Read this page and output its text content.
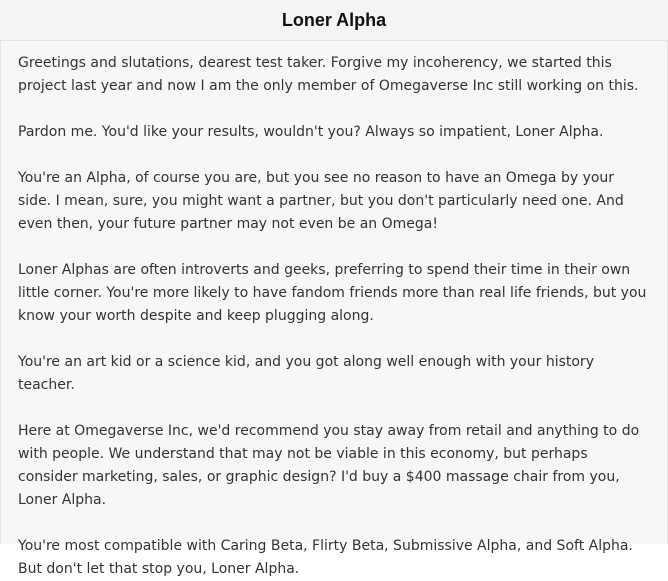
Loner Alpha

Greetings and slutations, dearest test taker. Forgive my incoherency, we started this project last year and now I am the only member of Omegaverse Inc still working on this.

Pardon me. You'd like your results, wouldn't you? Always so impatient, Loner Alpha.

You're an Alpha, of course you are, but you see no reason to have an Omega by your side. I mean, sure, you might want a partner, but you don't particularly need one. And even then, your future partner may not even be an Omega!

Loner Alphas are often introverts and geeks, preferring to spend their time in their own little corner. You're more likely to have fandom friends more than real life friends, but you know your worth despite and keep plugging along.

You're an art kid or a science kid, and you got along well enough with your history teacher.

Here at Omegaverse Inc, we'd recommend you stay away from retail and anything to do with people. We understand that may not be viable in this economy, but perhaps consider marketing, sales, or graphic design? I'd buy a $400 massage chair from you, Loner Alpha.

You're most compatible with Caring Beta, Flirty Beta, Submissive Alpha, and Soft Alpha. But don't let that stop you, Loner Alpha.
